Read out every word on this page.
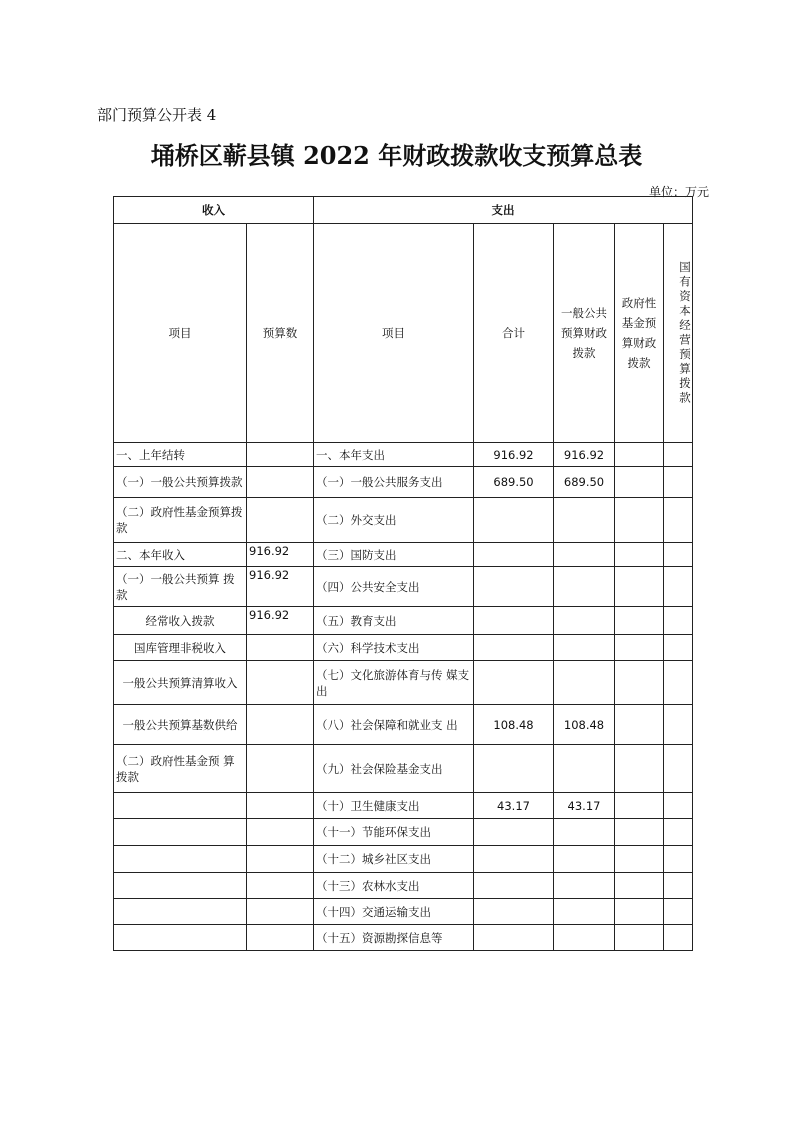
部门预算公开表 4
埇桥区蕲县镇 2022 年财政拨款收支预算总表
单位：万元
收入		支出				
项目	预算数	项目	合计	一般公共预算财政拨款	政府性基金预算财政拨款	国有资本经营预算拨款
一、上年结转		一、本年支出	916.92	916.92		
（一）一般公共预算拨款		（一）一般公共服务支出	689.50	689.50		
（二）政府性基金预算拨款		（二）外交支出				
二、本年收入	916.92	（三）国防支出				
（一）一般公共预算 拨款	916.92	（四）公共安全支出				
经常收入拨款	916.92	（五）教育支出				
国库管理非税收入		（六）科学技术支出				
一般公共预算清算收入		（七）文化旅游体育与传 媒支出				
一般公共预算基数供给		（八）社会保障和就业支 出	108.48	108.48		
（二）政府性基金预 算拨款		（九）社会保险基金支出				
		（十）卫生健康支出	43.17	43.17		
		（十一）节能环保支出				
		（十二）城乡社区支出				
		（十三）农林水支出				
		（十四）交通运输支出				
		（十五）资源勘探信息等				
